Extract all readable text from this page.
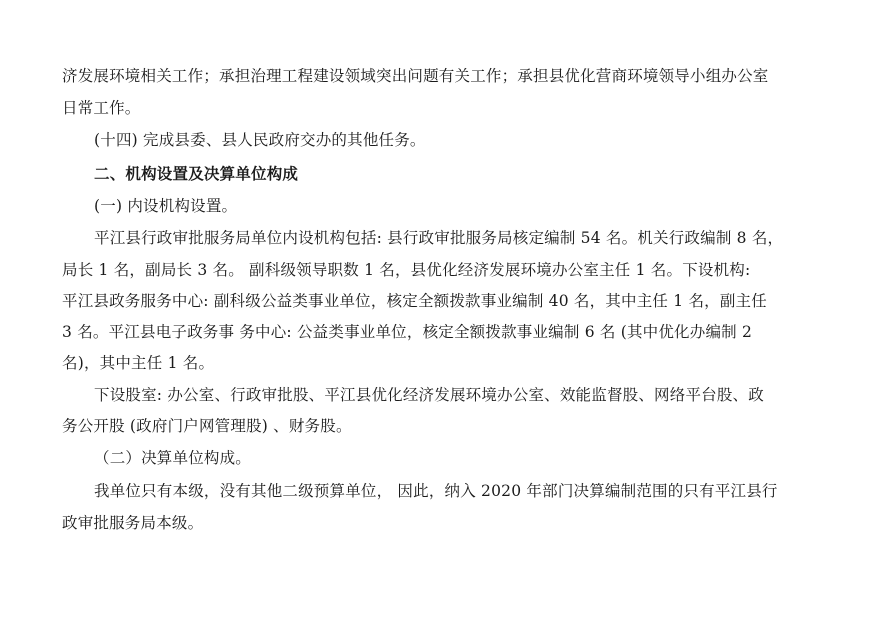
济发展环境相关工作；承担治理工程建设领域突出问题有关工作；承担县优化营商环境领导小组办公室
日常工作。
(十四) 完成县委、县人民政府交办的其他任务。
二、机构设置及决算单位构成
(一) 内设机构设置。
平江县行政审批服务局单位内设机构包括: 县行政审批服务局核定编制 54 名。机关行政编制 8 名，
局长 1 名，副局长 3 名。 副科级领导职数 1 名，县优化经济发展环境办公室主任 1 名。下设机构:
平江县政务服务中心: 副科级公益类事业单位，核定全额拨款事业编制 40 名，其中主任 1 名，副主任
3 名。平江县电子政务事 务中心: 公益类事业单位，核定全额拨款事业编制 6 名 (其中优化办编制 2
名)，其中主任 1 名。
下设股室: 办公室、行政审批股、平江县优化经济发展环境办公室、效能监督股、网络平台股、政
务公开股 (政府门户网管理股) 、财务股。
（二）决算单位构成。
我单位只有本级，没有其他二级预算单位， 因此，纳入 2020 年部门决算编制范围的只有平江县行
政审批服务局本级。
